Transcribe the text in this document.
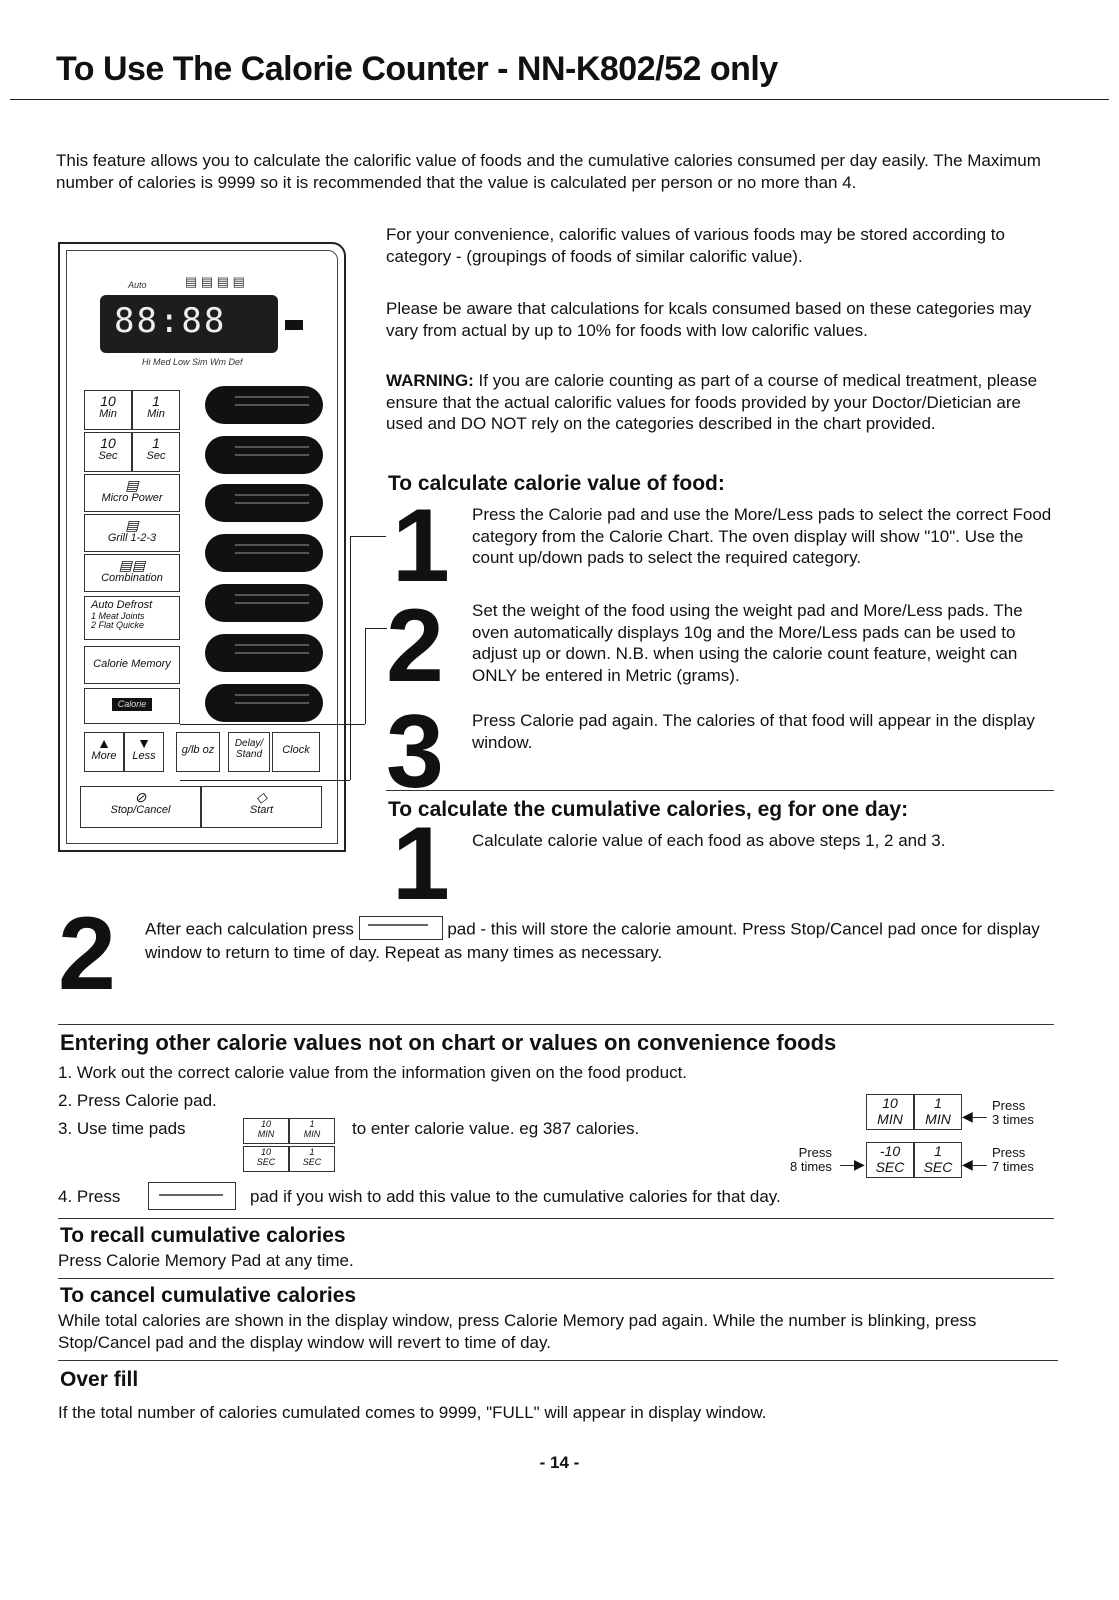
To Use The Calorie Counter - NN-K802/52 only

This feature allows you to calculate the calorific value of foods and the cumulative calories consumed per day easily. The Maximum number of calories is 9999 so it is recommended that the value is calculated per person or no more than 4.

Auto	▤ ▤ ▤ ▤
88:88
Hi Med Low Sim Wm Def
10
Min
1
Min
10
Sec
1
Sec
▤
Micro Power
▤
Grill 1-2-3
▤▤
Combination
Auto Defrost
1 Meat Joints
2 Flat Quicke
Calorie Memory
Calorie
▲
More
▼
Less	g/lb oz
Delay/ Stand	Clock
⊘
Stop/Cancel
◇
Start

For your convenience, calorific values of various foods may be stored according to category - (groupings of foods of similar calorific value).

Please be aware that calculations for kcals consumed based on these categories may vary from actual by up to 10% for foods with low calorific values.

WARNING: If you are calorie counting as part of a course of medical treatment, please ensure that the actual calorific values for foods provided by your Doctor/Dietician are used and DO NOT rely on the categories described in the chart provided.

To calculate calorie value of food:
1 Press the Calorie pad and use the More/Less pads to select the correct Food category from the Calorie Chart. The oven display will show "10". Use the count up/down pads to select the required category.

2 Set the weight of the food using the weight pad and More/Less pads. The oven automatically displays 10g and the More/Less pads can be used to adjust up or down. N.B. when using the calorie count feature, weight can ONLY be entered in Metric (grams).

3 Press Calorie pad again. The calories of that food will appear in the display window.

To calculate the cumulative calories, eg for one day:
1 Calculate calorie value of each food as above steps 1, 2 and 3.

2 After each calculation press	pad - this will store the calorie amount. Press Stop/Cancel pad once for display window to return to time of day. Repeat as many times as necessary.

Entering other calorie values not on chart or values on convenience foods

1. Work out the correct calorie value from the information given on the food product.

2. Press Calorie pad.

3. Use time pads	10
MIN
1
MIN
10
SEC
1
SEC

to enter calorie value. eg 387 calories.

10
MIN
1
MIN
-10
SEC
1
SEC
◀—
Press
3 times
Press
8 times —▶	◀—
Press
7 times

4. Press	pad if you wish to add this value to the cumulative calories for that day.

To recall cumulative calories

Press Calorie Memory Pad at any time.

To cancel cumulative calories

While total calories are shown in the display window, press Calorie Memory pad again. While the number is blinking, press Stop/Cancel pad and the display window will revert to time of day.

Over fill

If the total number of calories cumulated comes to 9999, "FULL" will appear in display window.

- 14 -
